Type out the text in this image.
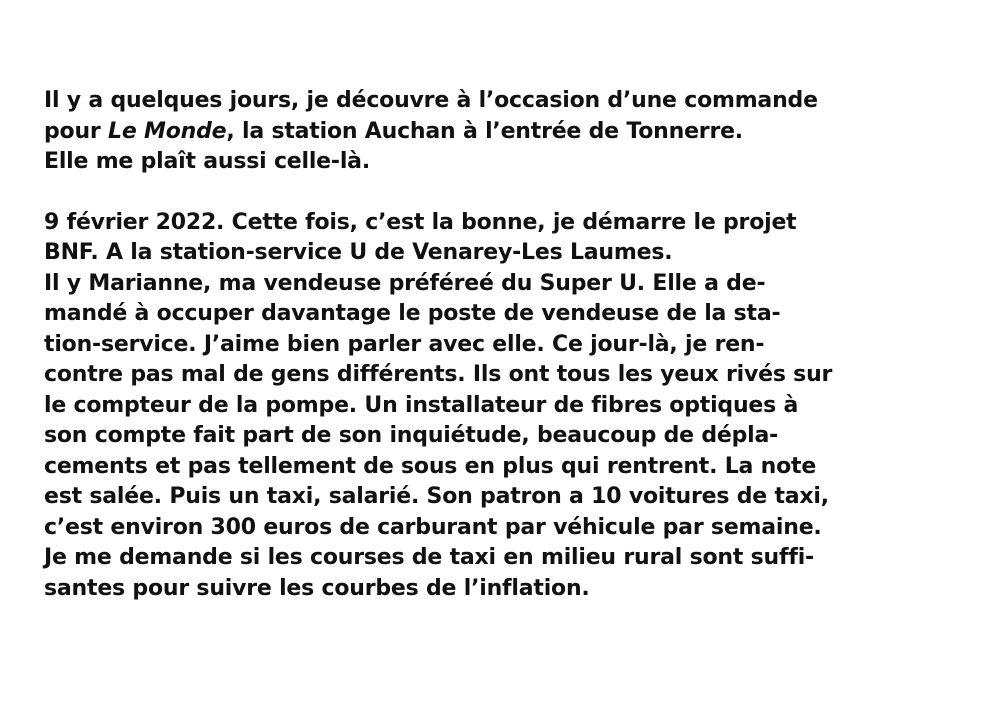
Il y a quelques jours, je découvre à l’occasion d’une commande
pour Le Monde, la station Auchan à l’entrée de Tonnerre.
Elle me plaît aussi celle-là.

9 février 2022. Cette fois, c’est la bonne, je démarre le projet
BNF. A la station-service U de Venarey-Les Laumes.
Il y Marianne, ma vendeuse préféreé du Super U. Elle a de-
mandé à occuper davantage le poste de vendeuse de la sta-
tion-service. J’aime bien parler avec elle. Ce jour-là, je ren-
contre pas mal de gens différents. Ils ont tous les yeux rivés sur
le compteur de la pompe. Un installateur de fibres optiques à
son compte fait part de son inquiétude, beaucoup de dépla-
cements et pas tellement de sous en plus qui rentrent. La note
est salée. Puis un taxi, salarié. Son patron a 10 voitures de taxi,
c’est environ 300 euros de carburant par véhicule par semaine.
Je me demande si les courses de taxi en milieu rural sont suffi-
santes pour suivre les courbes de l’inflation.
